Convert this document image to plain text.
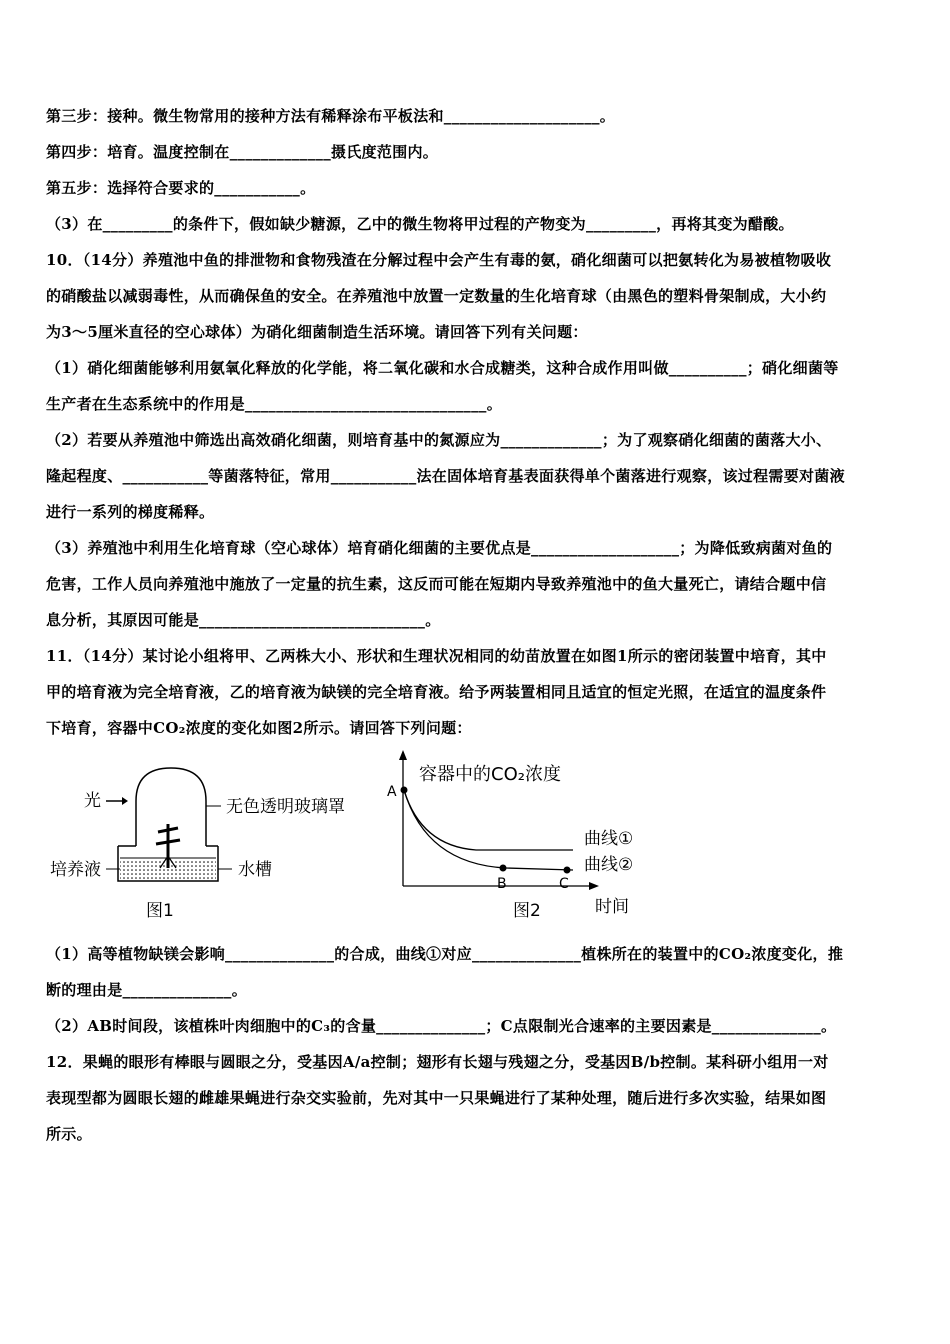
第三步：接种。微生物常用的接种方法有稀释涂布平板法和____________________。
第四步：培育。温度控制在_____________摄氏度范围内。
第五步：选择符合要求的___________。
（3）在_________的条件下，假如缺少糖源，乙中的微生物将甲过程的产物变为_________，再将其变为醋酸。
10．（14分）养殖池中鱼的排泄物和食物残渣在分解过程中会产生有毒的氨，硝化细菌可以把氨转化为易被植物吸收
的硝酸盐以减弱毒性，从而确保鱼的安全。在养殖池中放置一定数量的生化培育球（由黑色的塑料骨架制成，大小约
为3～5厘米直径的空心球体）为硝化细菌制造生活环境。请回答下列有关问题：
（1）硝化细菌能够利用氨氧化释放的化学能，将二氧化碳和水合成糖类，这种合成作用叫做__________；硝化细菌等
生产者在生态系统中的作用是_______________________________。
（2）若要从养殖池中筛选出高效硝化细菌，则培育基中的氮源应为_____________；为了观察硝化细菌的菌落大小、
隆起程度、___________等菌落特征，常用___________法在固体培育基表面获得单个菌落进行观察，该过程需要对菌液
进行一系列的梯度稀释。
（3）养殖池中利用生化培育球（空心球体）培育硝化细菌的主要优点是___________________；为降低致病菌对鱼的
危害，工作人员向养殖池中施放了一定量的抗生素，这反而可能在短期内导致养殖池中的鱼大量死亡，请结合题中信
息分析，其原因可能是_____________________________。
11．（14分）某讨论小组将甲、乙两株大小、形状和生理状况相同的幼苗放置在如图1所示的密闭装置中培育，其中
甲的培育液为完全培育液，乙的培育液为缺镁的完全培育液。给予两装置相同且适宜的恒定光照，在适宜的温度条件
下培育，容器中CO₂浓度的变化如图2所示。请回答下列问题：
光	无色透明玻璃罩
培养液	水槽
图1
容器中的CO₂浓度
A
B	C
曲线①
曲线②
时间
图2
（1）高等植物缺镁会影响______________的合成，曲线①对应______________植株所在的装置中的CO₂浓度变化，推
断的理由是______________。
（2）AB时间段，该植株叶肉细胞中的C₃的含量______________；C点限制光合速率的主要因素是______________。
12．果蝇的眼形有棒眼与圆眼之分，受基因A/a控制；翅形有长翅与残翅之分，受基因B/b控制。某科研小组用一对
表现型都为圆眼长翅的雌雄果蝇进行杂交实验前，先对其中一只果蝇进行了某种处理，随后进行多次实验，结果如图
所示。
